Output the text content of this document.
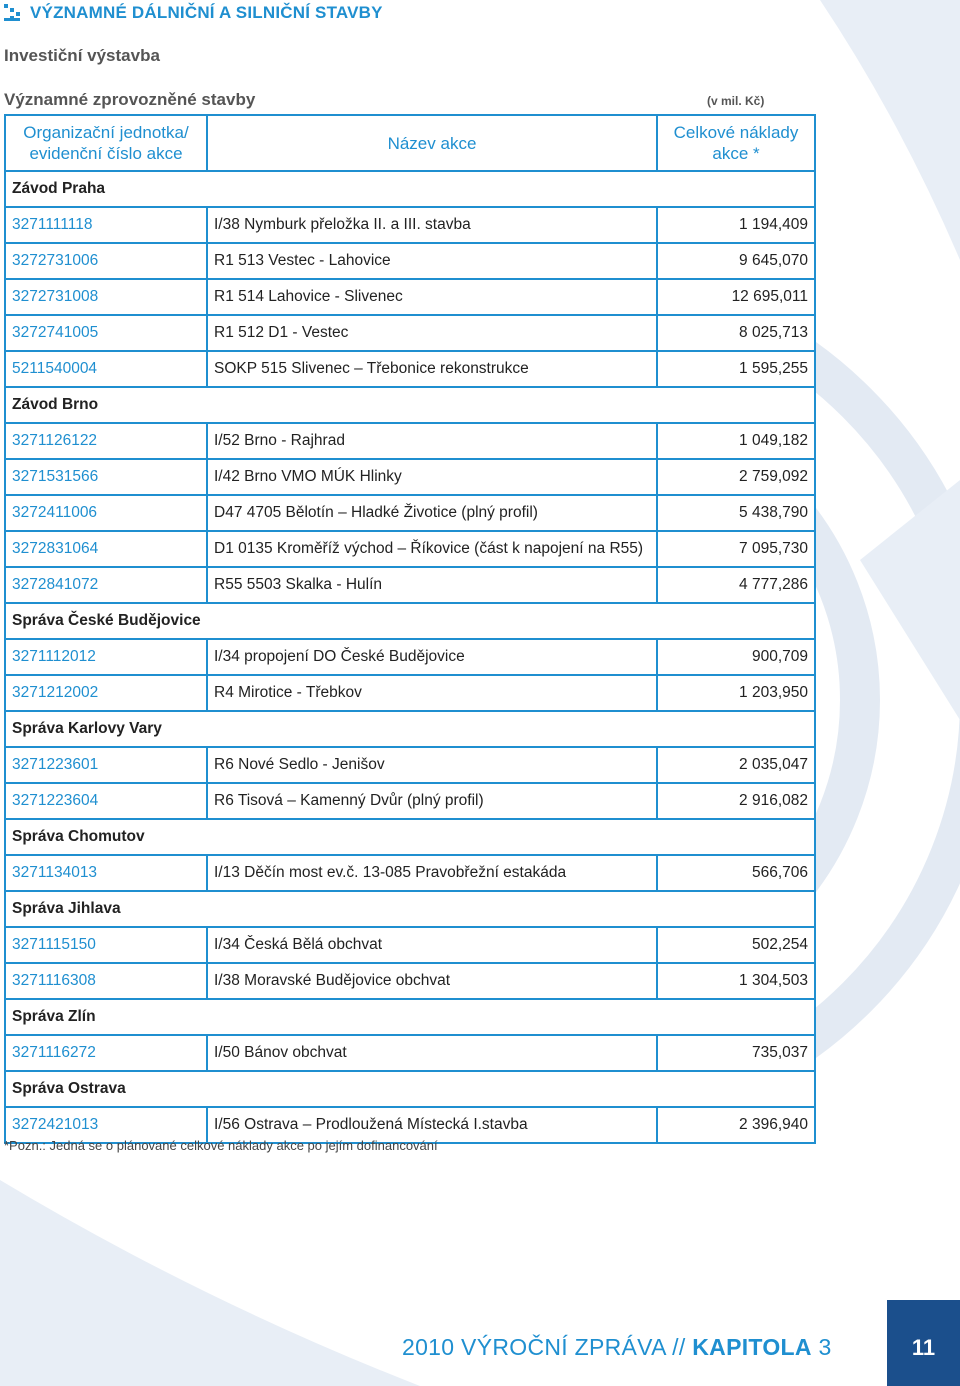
VÝZNAMNÉ DÁLNIČNÍ A SILNIČNÍ STAVBY
Investiční výstavba
Významné zprovozněné stavby	(v mil. Kč)
Organizační jednotka/ evidenční číslo akce	Název akce	Celkové náklady akce *
Závod Praha		
3271111118	I/38 Nymburk přeložka II. a III. stavba	1 194,409
3272731006	R1 513 Vestec - Lahovice	9 645,070
3272731008	R1 514 Lahovice - Slivenec	12 695,011
3272741005	R1 512 D1 - Vestec	8 025,713
5211540004	SOKP 515 Slivenec – Třebonice rekonstrukce	1 595,255
Závod Brno		
3271126122	I/52 Brno - Rajhrad	1 049,182
3271531566	I/42 Brno VMO MÚK Hlinky	2 759,092
3272411006	D47 4705 Bělotín – Hladké Životice (plný profil)	5 438,790
3272831064	D1 0135 Kroměříž východ – Říkovice (část k napojení na R55)	7 095,730
3272841072	R55 5503 Skalka - Hulín	4 777,286
Správa České Budějovice		
3271112012	I/34 propojení DO České Budějovice	900,709
3271212002	R4 Mirotice - Třebkov	1 203,950
Správa Karlovy Vary		
3271223601	R6 Nové Sedlo - Jenišov	2 035,047
3271223604	R6 Tisová – Kamenný Dvůr (plný profil)	2 916,082
Správa Chomutov		
3271134013	I/13 Děčín most ev.č. 13-085 Pravobřežní estakáda	566,706
Správa Jihlava		
3271115150	I/34 Česká Bělá obchvat	502,254
3271116308	I/38 Moravské Budějovice obchvat	1 304,503
Správa Zlín		
3271116272	I/50 Bánov obchvat	735,037
Správa Ostrava		
3272421013	I/56 Ostrava – Prodloužená Místecká I.stavba	2 396,940
*Pozn.: Jedná se o plánované celkové náklady akce po jejím dofinancování
2010 VÝROČNÍ ZPRÁVA // KAPITOLA 3	11
